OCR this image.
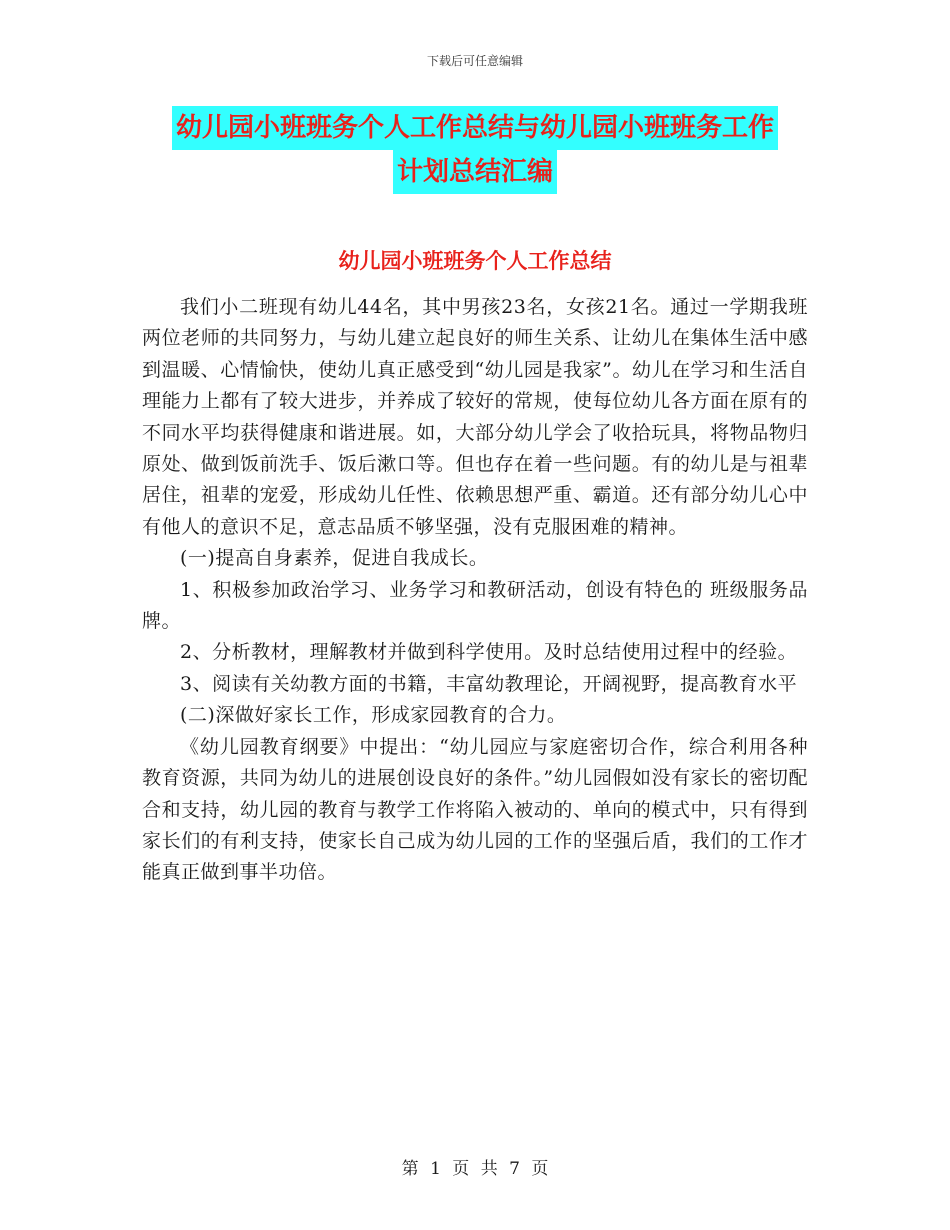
下载后可任意编辑
幼儿园小班班务个人工作总结与幼儿园小班班务工作
计划总结汇编
幼儿园小班班务个人工作总结

我们小二班现有幼儿44名，其中男孩23名，女孩21名。通过一学期我班两位老师的共同努力，与幼儿建立起良好的师生关系、让幼儿在集体生活中感到温暖、心情愉快，使幼儿真正感受到“幼儿园是我家”。幼儿在学习和生活自理能力上都有了较大进步，并养成了较好的常规，使每位幼儿各方面在原有的不同水平均获得健康和谐进展。如，大部分幼儿学会了收拾玩具，将物品物归原处、做到饭前洗手、饭后漱口等。但也存在着一些问题。有的幼儿是与祖辈居住，祖辈的宠爱，形成幼儿任性、依赖思想严重、霸道。还有部分幼儿心中有他人的意识不足，意志品质不够坚强，没有克服困难的精神。

(一)提高自身素养，促进自我成长。

1、积极参加政治学习、业务学习和教研活动，创设有特色的 班级服务品牌。

2、分析教材，理解教材并做到科学使用。及时总结使用过程中的经验。

3、阅读有关幼教方面的书籍，丰富幼教理论，开阔视野，提高教育水平

(二)深做好家长工作，形成家园教育的合力。

《幼儿园教育纲要》中提出：“幼儿园应与家庭密切合作，综合利用各种教育资源，共同为幼儿的进展创设良好的条件。”幼儿园假如没有家长的密切配合和支持，幼儿园的教育与教学工作将陷入被动的、单向的模式中，只有得到家长们的有利支持，使家长自己成为幼儿园的工作的坚强后盾，我们的工作才能真正做到事半功倍。

第 1 页 共 7 页
